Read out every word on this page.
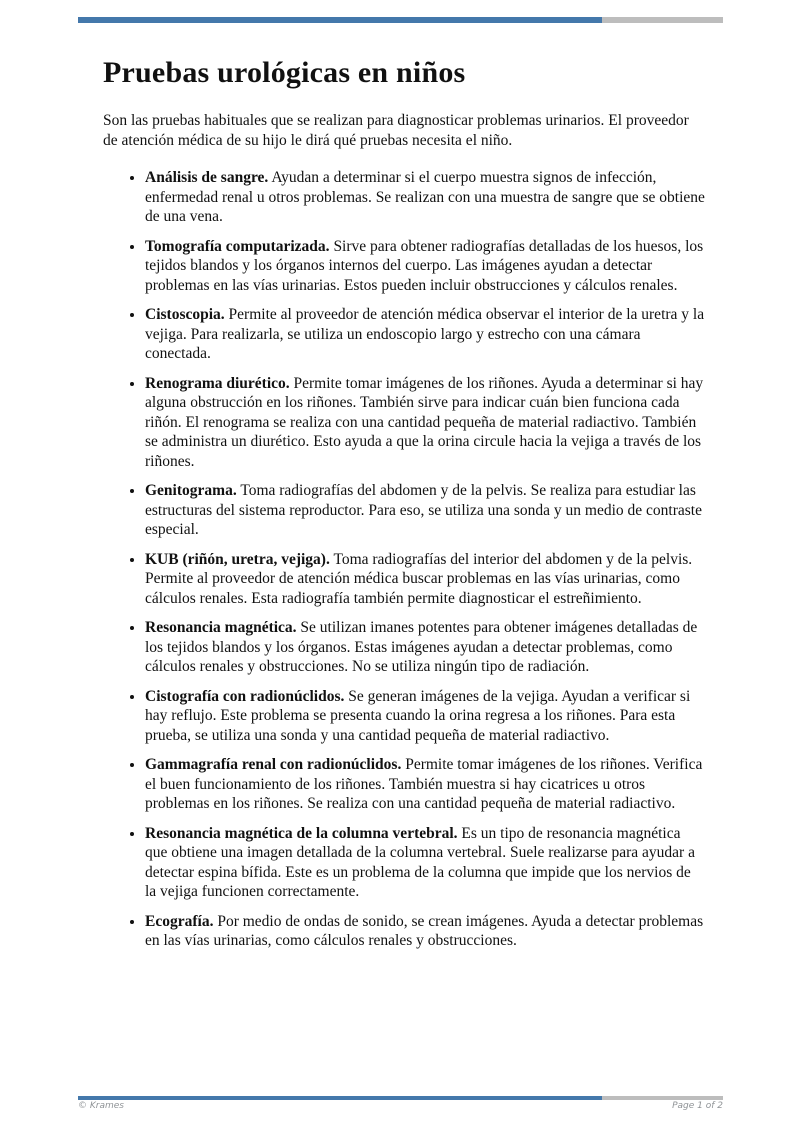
Pruebas urológicas en niños

Son las pruebas habituales que se realizan para diagnosticar problemas urinarios. El proveedor de atención médica de su hijo le dirá qué pruebas necesita el niño.

• Análisis de sangre. Ayudan a determinar si el cuerpo muestra signos de infección, enfermedad renal u otros problemas. Se realizan con una muestra de sangre que se obtiene de una vena.
• Tomografía computarizada. Sirve para obtener radiografías detalladas de los huesos, los tejidos blandos y los órganos internos del cuerpo. Las imágenes ayudan a detectar problemas en las vías urinarias. Estos pueden incluir obstrucciones y cálculos renales.
• Cistoscopia. Permite al proveedor de atención médica observar el interior de la uretra y la vejiga. Para realizarla, se utiliza un endoscopio largo y estrecho con una cámara conectada.
• Renograma diurético. Permite tomar imágenes de los riñones. Ayuda a determinar si hay alguna obstrucción en los riñones. También sirve para indicar cuán bien funciona cada riñón. El renograma se realiza con una cantidad pequeña de material radiactivo. También se administra un diurético. Esto ayuda a que la orina circule hacia la vejiga a través de los riñones.
• Genitograma. Toma radiografías del abdomen y de la pelvis. Se realiza para estudiar las estructuras del sistema reproductor. Para eso, se utiliza una sonda y un medio de contraste especial.
• KUB (riñón, uretra, vejiga). Toma radiografías del interior del abdomen y de la pelvis. Permite al proveedor de atención médica buscar problemas en las vías urinarias, como cálculos renales. Esta radiografía también permite diagnosticar el estreñimiento.
• Resonancia magnética. Se utilizan imanes potentes para obtener imágenes detalladas de los tejidos blandos y los órganos. Estas imágenes ayudan a detectar problemas, como cálculos renales y obstrucciones. No se utiliza ningún tipo de radiación.
• Cistografía con radionúclidos. Se generan imágenes de la vejiga. Ayudan a verificar si hay reflujo. Este problema se presenta cuando la orina regresa a los riñones. Para esta prueba, se utiliza una sonda y una cantidad pequeña de material radiactivo.
• Gammagrafía renal con radionúclidos. Permite tomar imágenes de los riñones. Verifica el buen funcionamiento de los riñones. También muestra si hay cicatrices u otros problemas en los riñones. Se realiza con una cantidad pequeña de material radiactivo.
• Resonancia magnética de la columna vertebral. Es un tipo de resonancia magnética que obtiene una imagen detallada de la columna vertebral. Suele realizarse para ayudar a detectar espina bífida. Este es un problema de la columna que impide que los nervios de la vejiga funcionen correctamente.
• Ecografía. Por medio de ondas de sonido, se crean imágenes. Ayuda a detectar problemas en las vías urinarias, como cálculos renales y obstrucciones.
© Krames	Page 1 of 2
